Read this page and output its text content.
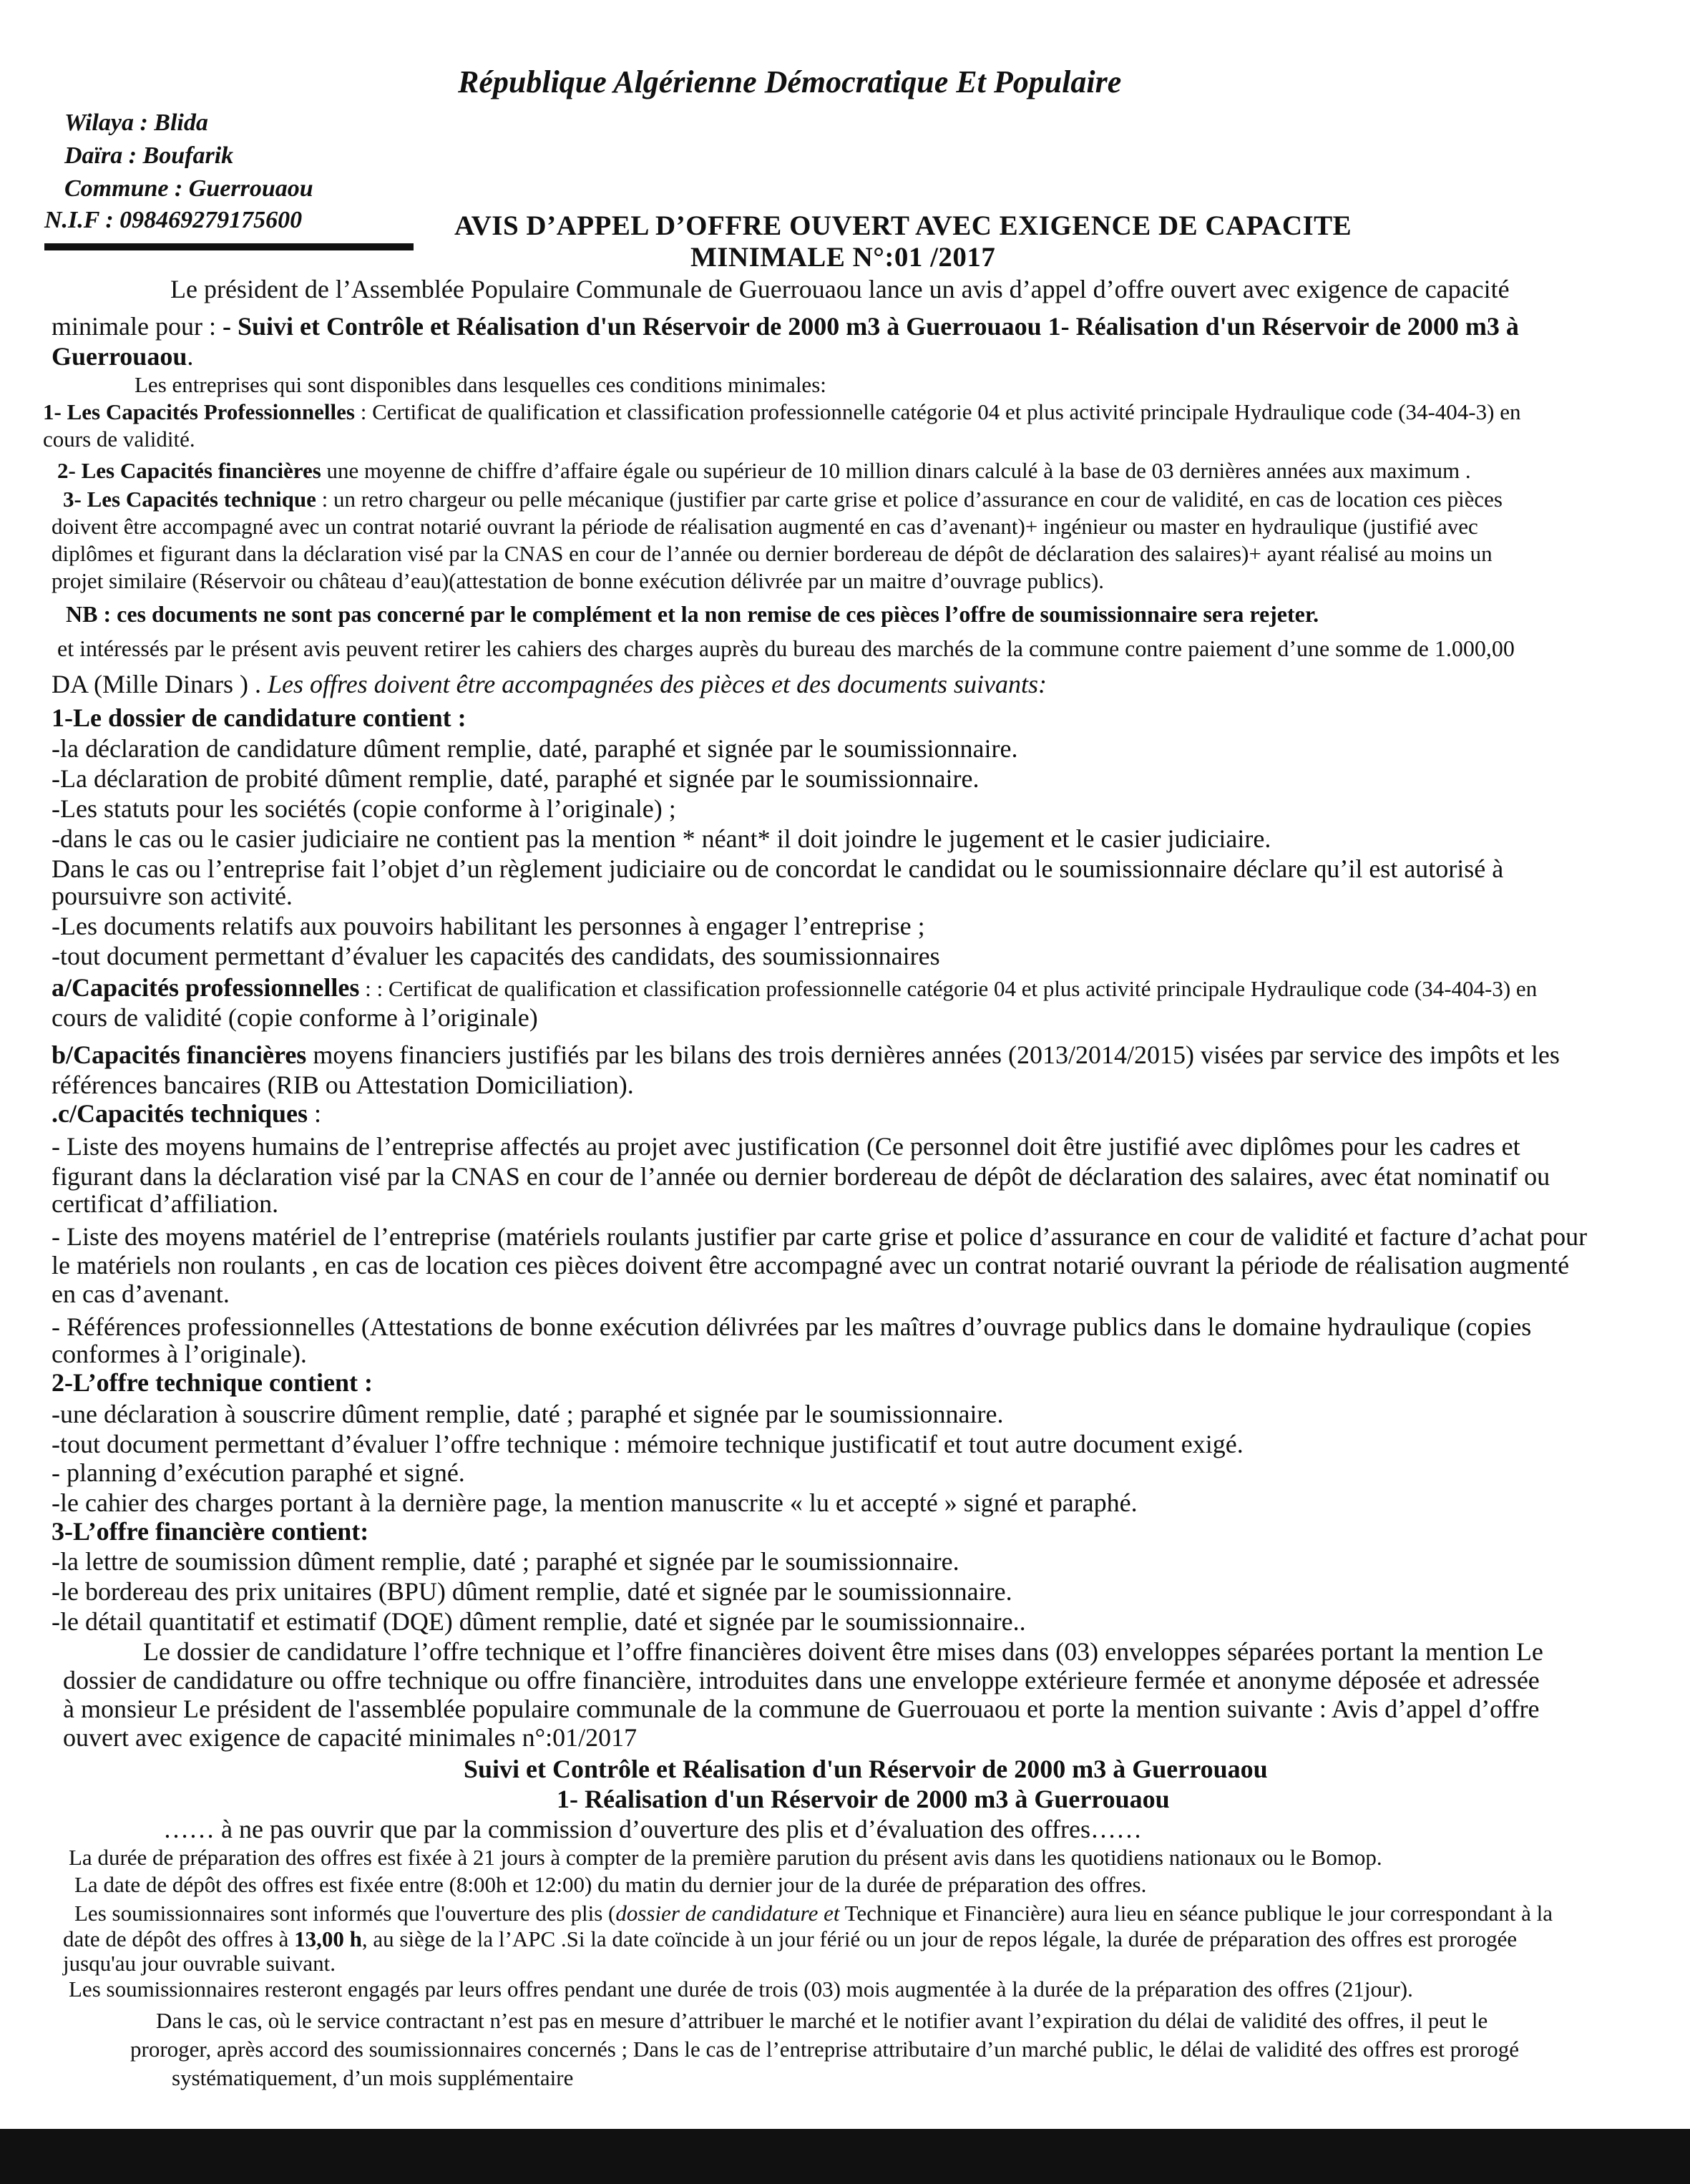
République Algérienne Démocratique Et Populaire
Wilaya : Blida
Daïra : Boufarik
Commune : Guerrouaou
N.I.F : 098469279175600	AVIS D’APPEL D’OFFRE OUVERT AVEC EXIGENCE DE CAPACITE
MINIMALE N°:01 /2017
Le président de l’Assemblée Populaire Communale de Guerrouaou lance un avis d’appel d’offre ouvert avec exigence de capacité
minimale pour : - Suivi et Contrôle et Réalisation d'un Réservoir de 2000 m3 à Guerrouaou 1- Réalisation d'un Réservoir de 2000 m3 à
Guerrouaou.
Les entreprises qui sont disponibles dans lesquelles ces conditions minimales:
1- Les Capacités Professionnelles : Certificat de qualification et classification professionnelle catégorie 04 et plus activité principale Hydraulique code (34-404-3) en
cours de validité.
2- Les Capacités financières une moyenne de chiffre d’affaire égale ou supérieur de 10 million dinars calculé à la base de 03 dernières années aux maximum .
3- Les Capacités technique : un retro chargeur ou pelle mécanique (justifier par carte grise et police d’assurance en cour de validité, en cas de location ces pièces
doivent être accompagné avec un contrat notarié ouvrant la période de réalisation augmenté en cas d’avenant)+ ingénieur ou master en hydraulique (justifié avec
diplômes et figurant dans la déclaration visé par la CNAS en cour de l’année ou dernier bordereau de dépôt de déclaration des salaires)+ ayant réalisé au moins un
projet similaire (Réservoir ou château d’eau)(attestation de bonne exécution délivrée par un maitre d’ouvrage publics).
NB : ces documents ne sont pas concerné par le complément et la non remise de ces pièces l’offre de soumissionnaire sera rejeter.
et intéressés par le présent avis peuvent retirer les cahiers des charges auprès du bureau des marchés de la commune contre paiement d’une somme de 1.000,00
DA (Mille Dinars ) . Les offres doivent être accompagnées des pièces et des documents suivants:
1-Le dossier de candidature contient :
-la déclaration de candidature dûment remplie, daté, paraphé et signée par le soumissionnaire.
-La déclaration de probité dûment remplie, daté, paraphé et signée par le soumissionnaire.
-Les statuts pour les sociétés (copie conforme à l’originale) ;
-dans le cas ou le casier judiciaire ne contient pas la mention * néant* il doit joindre le jugement et le casier judiciaire.
Dans le cas ou l’entreprise fait l’objet d’un règlement judiciaire ou de concordat le candidat ou le soumissionnaire déclare qu’il est autorisé à
poursuivre son activité.
-Les documents relatifs aux pouvoirs habilitant les personnes à engager l’entreprise ;
-tout document permettant d’évaluer les capacités des candidats, des soumissionnaires
a/Capacités professionnelles : : Certificat de qualification et classification professionnelle catégorie 04 et plus activité principale Hydraulique code (34-404-3) en
cours de validité (copie conforme à l’originale)
b/Capacités financières moyens financiers justifiés par les bilans des trois dernières années (2013/2014/2015) visées par service des impôts et les
références bancaires (RIB ou Attestation Domiciliation).
.c/Capacités techniques :
- Liste des moyens humains de l’entreprise affectés au projet avec justification (Ce personnel doit être justifié avec diplômes pour les cadres et
figurant dans la déclaration visé par la CNAS en cour de l’année ou dernier bordereau de dépôt de déclaration des salaires, avec état nominatif ou
certificat d’affiliation.
- Liste des moyens matériel de l’entreprise (matériels roulants justifier par carte grise et police d’assurance en cour de validité et facture d’achat pour
le matériels non roulants , en cas de location ces pièces doivent être accompagné avec un contrat notarié ouvrant la période de réalisation augmenté
en cas d’avenant.
- Références professionnelles (Attestations de bonne exécution délivrées par les maîtres d’ouvrage publics dans le domaine hydraulique (copies
conformes à l’originale).
2-L’offre technique contient :
-une déclaration à souscrire dûment remplie, daté ; paraphé et signée par le soumissionnaire.
-tout document permettant d’évaluer l’offre technique : mémoire technique justificatif et tout autre document exigé.
- planning d’exécution paraphé et signé.
-le cahier des charges portant à la dernière page, la mention manuscrite « lu et accepté » signé et paraphé.
3-L’offre financière contient:
-la lettre de soumission dûment remplie, daté ; paraphé et signée par le soumissionnaire.
-le bordereau des prix unitaires (BPU) dûment remplie, daté et signée par le soumissionnaire.
-le détail quantitatif et estimatif (DQE) dûment remplie, daté et signée par le soumissionnaire..
Le dossier de candidature l’offre technique et l’offre financières doivent être mises dans (03) enveloppes séparées portant la mention Le
dossier de candidature ou offre technique ou offre financière, introduites dans une enveloppe extérieure fermée et anonyme déposée et adressée
à monsieur Le président de l'assemblée populaire communale de la commune de Guerrouaou et porte la mention suivante : Avis d’appel d’offre
ouvert avec exigence de capacité minimales n°:01/2017
Suivi et Contrôle et Réalisation d'un Réservoir de 2000 m3 à Guerrouaou
1- Réalisation d'un Réservoir de 2000 m3 à Guerrouaou
…… à ne pas ouvrir que par la commission d’ouverture des plis et d’évaluation des offres……
La durée de préparation des offres est fixée à 21 jours à compter de la première parution du présent avis dans les quotidiens nationaux ou le Bomop.
La date de dépôt des offres est fixée entre (8:00h et 12:00) du matin du dernier jour de la durée de préparation des offres.
Les soumissionnaires sont informés que l'ouverture des plis (dossier de candidature et Technique et Financière) aura lieu en séance publique le jour correspondant à la
date de dépôt des offres à 13,00 h, au siège de la l’APC .Si la date coïncide à un jour férié ou un jour de repos légale, la durée de préparation des offres est prorogée
jusqu'au jour ouvrable suivant.
Les soumissionnaires resteront engagés par leurs offres pendant une durée de trois (03) mois augmentée à la durée de la préparation des offres (21jour).
Dans le cas, où le service contractant n’est pas en mesure d’attribuer le marché et le notifier avant l’expiration du délai de validité des offres, il peut le
proroger, après accord des soumissionnaires concernés ; Dans le cas de l’entreprise attributaire d’un marché public, le délai de validité des offres est prorogé
systématiquement, d’un mois supplémentaire
